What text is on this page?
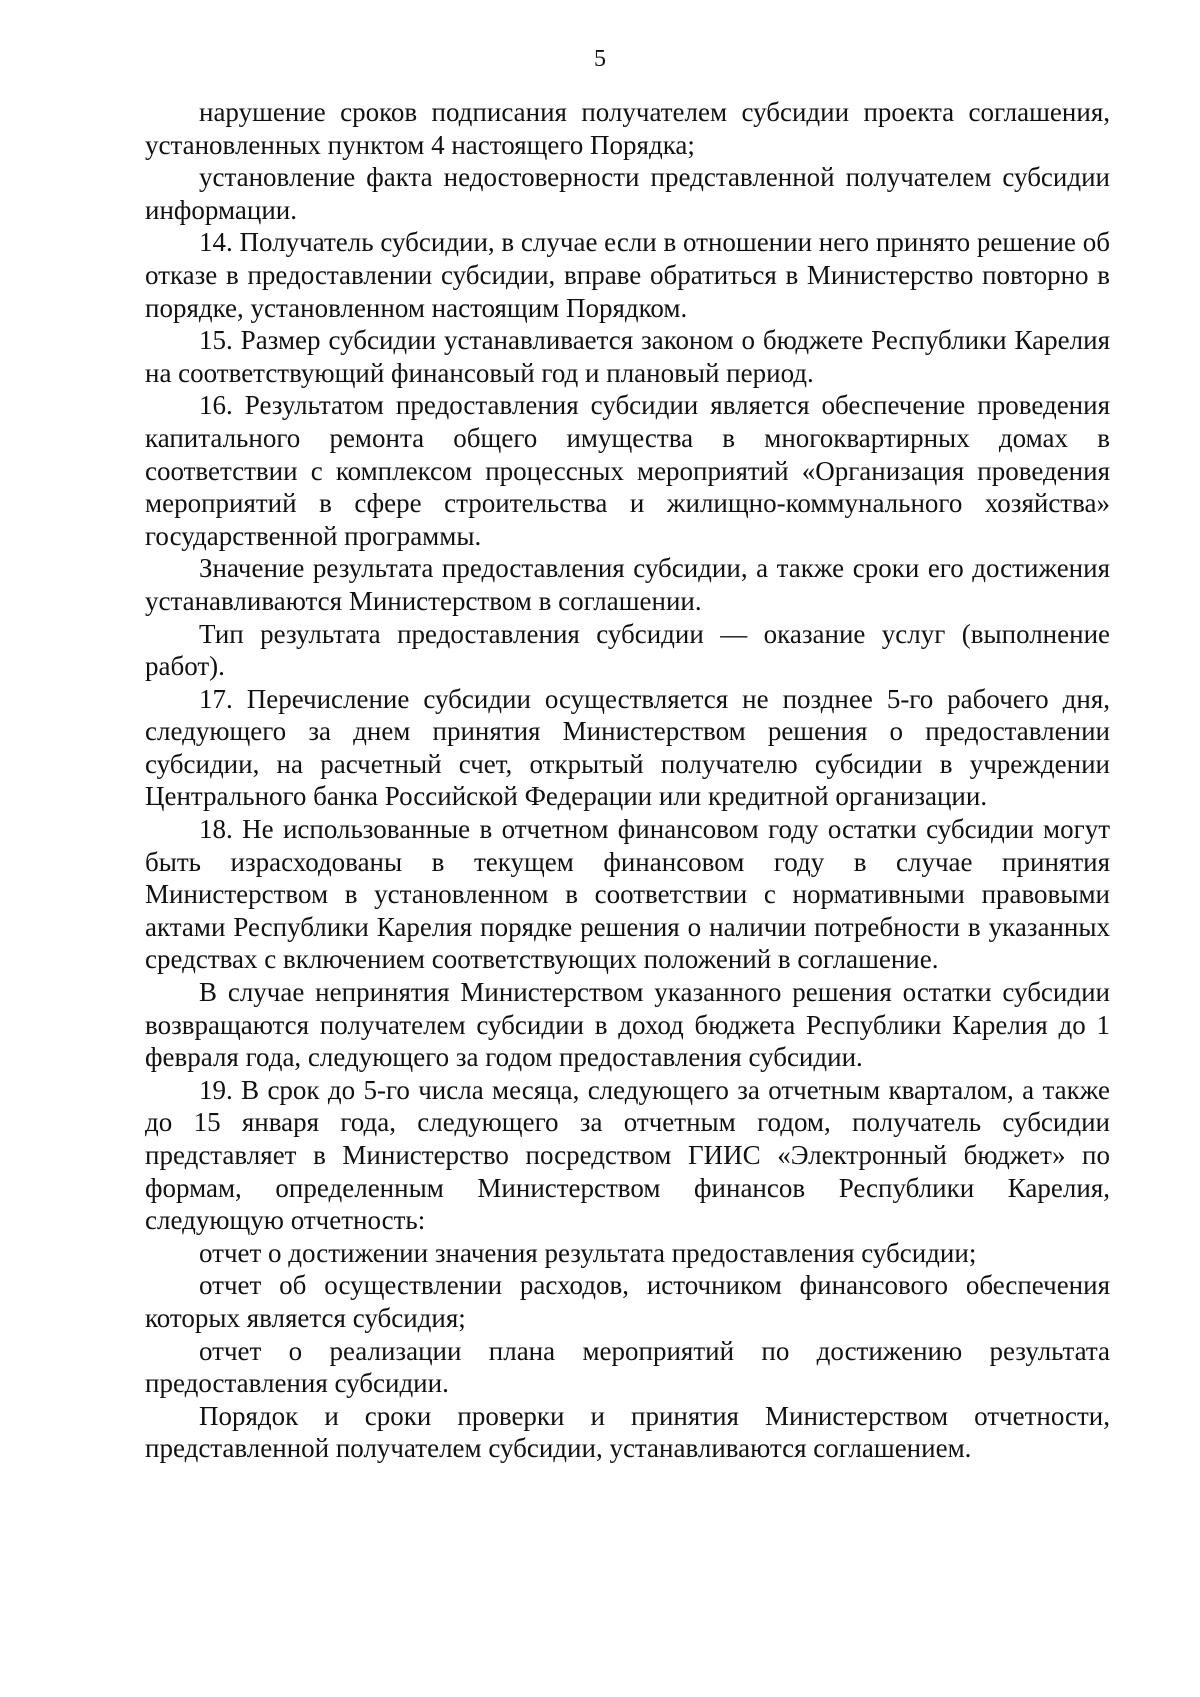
5

нарушение сроков подписания получателем субсидии проекта соглашения, установленных пунктом 4 настоящего Порядка;

установление факта недостоверности представленной получателем субсидии информации.

14. Получатель субсидии, в случае если в отношении него принято решение об отказе в предоставлении субсидии, вправе обратиться в Министерство повторно в порядке, установленном настоящим Порядком.

15. Размер субсидии устанавливается законом о бюджете Республики Карелия на соответствующий финансовый год и плановый период.

16. Результатом предоставления субсидии является обеспечение проведения капитального ремонта общего имущества в многоквартирных домах в соответствии с комплексом процессных мероприятий «Организация проведения мероприятий в сфере строительства и жилищно-коммунального хозяйства» государственной программы.

Значение результата предоставления субсидии, а также сроки его достижения устанавливаются Министерством в соглашении.

Тип результата предоставления субсидии — оказание услуг (выполнение работ).

17. Перечисление субсидии осуществляется не позднее 5-го рабочего дня, следующего за днем принятия Министерством решения о предоставлении субсидии, на расчетный счет, открытый получателю субсидии в учреждении Центрального банка Российской Федерации или кредитной организации.

18. Не использованные в отчетном финансовом году остатки субсидии могут быть израсходованы в текущем финансовом году в случае принятия Министерством в установленном в соответствии с нормативными правовыми актами Республики Карелия порядке решения о наличии потребности в указанных средствах с включением соответствующих положений в соглашение.

В случае непринятия Министерством указанного решения остатки субсидии возвращаются получателем субсидии в доход бюджета Республики Карелия до 1 февраля года, следующего за годом предоставления субсидии.

19. В срок до 5-го числа месяца, следующего за отчетным кварталом, а также до 15 января года, следующего за отчетным годом, получатель субсидии представляет в Министерство посредством ГИИС «Электронный бюджет» по формам, определенным Министерством финансов Республики Карелия, следующую отчетность:

отчет о достижении значения результата предоставления субсидии;

отчет об осуществлении расходов, источником финансового обеспечения которых является субсидия;

отчет о реализации плана мероприятий по достижению результата предоставления субсидии.

Порядок и сроки проверки и принятия Министерством отчетности, представленной получателем субсидии, устанавливаются соглашением.
